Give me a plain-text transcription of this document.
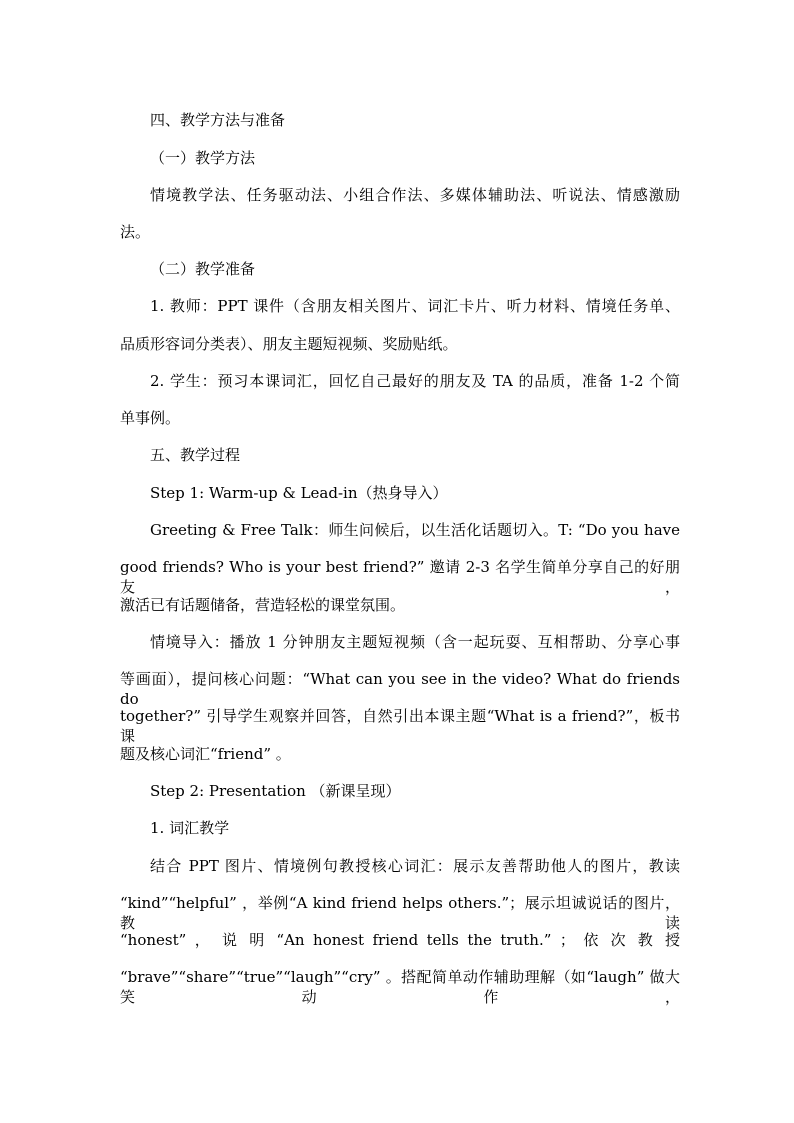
四、教学方法与准备
（一）教学方法
情境教学法、任务驱动法、小组合作法、多媒体辅助法、听说法、情感激励
法。
（二）教学准备
1. 教师：PPT 课件（含朋友相关图片、词汇卡片、听力材料、情境任务单、
品质形容词分类表）、朋友主题短视频、奖励贴纸。
2. 学生：预习本课词汇，回忆自己最好的朋友及 TA 的品质，准备 1-2 个简
单事例。
五、教学过程
Step 1: Warm-up & Lead-in（热身导入）
Greeting & Free Talk：师生问候后，以生活化话题切入。T: “Do you have
good friends? Who is your best friend?” 邀请 2-3 名学生简单分享自己的好朋友，
激活已有话题储备，营造轻松的课堂氛围。
情境导入：播放 1 分钟朋友主题短视频（含一起玩耍、互相帮助、分享心事
等画面），提问核心问题：“What can you see in the video? What do friends do
together?” 引导学生观察并回答，自然引出本课主题“What is a friend?”，板书课
题及核心词汇“friend” 。
Step 2: Presentation （新课呈现）
1. 词汇教学
结合 PPT 图片、情境例句教授核心词汇：展示友善帮助他人的图片，教读
“kind”“helpful” ，举例“A kind friend helps others.”；展示坦诚说话的图片，教读
“honest” ， 说 明 “An honest friend tells the truth.” ； 依 次 教 授
“brave”“share”“true”“laugh”“cry” 。搭配简单动作辅助理解（如“laugh” 做大笑动作，
